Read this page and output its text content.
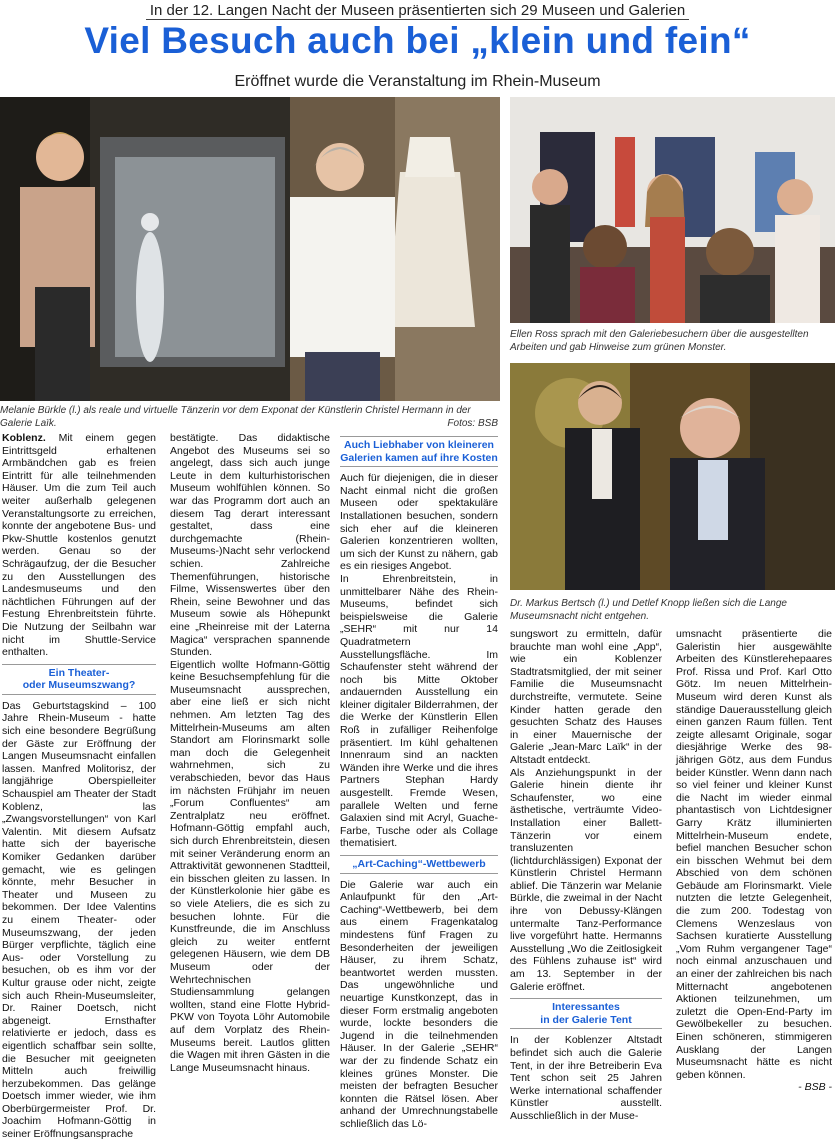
In der 12. Langen Nacht der Museen präsentierten sich 29 Museen und Galerien
Viel Besuch auch bei „klein und fein“
Eröffnet wurde die Veranstaltung im Rhein-Museum
Melanie Bürkle (l.) als reale und virtuelle Tänzerin vor dem Exponat der Künstlerin Christel Hermann in der Galerie Laïk.	Fotos: BSB
Ellen Ross sprach mit den Galeriebesuchern über die ausgestellten Arbeiten und gab Hinweise zum grünen Monster.
Dr. Markus Bertsch (l.) und Detlef Knopp ließen sich die Lange Museumsnacht nicht entgehen.

Koblenz. Mit einem gegen Eintrittsgeld erhaltenen Armbändchen gab es freien Eintritt für alle teilnehmenden Häuser. Um die zum Teil auch weiter außerhalb gelegenen Veranstaltungsorte zu erreichen, konnte der angebotene Bus- und Pkw-Shuttle kostenlos genutzt werden. Genau so der Schrägaufzug, der die Besucher zu den Ausstellungen des Landesmuseums und den nächtlichen Führungen auf der Festung Ehrenbreitstein führte. Die Nutzung der Seilbahn war nicht im Shuttle-Service enthalten.

Ein Theater-
oder Museumszwang?

Das Geburtstagskind – 100 Jahre Rhein-Museum - hatte sich eine besondere Begrüßung der Gäste zur Eröffnung der Langen Museumsnacht einfallen lassen. Manfred Molitorisz, der langjährige Oberspielleiter Schauspiel am Theater der Stadt Koblenz, las „Zwangsvorstellungen“ von Karl Valentin. Mit diesem Aufsatz hatte sich der bayerische Komiker Gedanken darüber gemacht, wie es gelingen könnte, mehr Besucher in Theater und Museen zu bekommen. Der Idee Valentins zu einem Theater- oder Museumszwang, der jeden Bürger verpflichte, täglich eine Aus- oder Vorstellung zu besuchen, ob es ihm vor der Kultur grause oder nicht, zeigte sich auch Rhein-Museumsleiter, Dr. Rainer Doetsch, nicht abgeneigt. Ernsthafter relativierte er jedoch, dass es eigentlich schaffbar sein sollte, die Besucher mit geeigneten Mitteln auch freiwillig herzubekommen. Das gelänge Doetsch immer wieder, wie ihm Oberbürgermeister Prof. Dr. Joachim Hofmann-Göttig in seiner Eröffnungsansprache

bestätigte. Das didaktische Angebot des Museums sei so angelegt, dass sich auch junge Leute in dem kulturhistorischen Museum wohlfühlen können. So war das Programm dort auch an diesem Tag derart interessant gestaltet, dass eine durchgemachte (Rhein-Museums-)Nacht sehr verlockend schien. Zahlreiche Themenführungen, historische Filme, Wissenswertes über den Rhein, seine Bewohner und das Museum sowie als Höhepunkt eine „Rheinreise mit der Laterna Magica“ versprachen spannende Stunden.

Eigentlich wollte Hofmann-Göttig keine Besuchsempfehlung für die Museumsnacht aussprechen, aber eine ließ er sich nicht nehmen. Am letzten Tag des Mittelrhein-Museums am alten Standort am Florinsmarkt solle man doch die Gelegenheit wahrnehmen, sich zu verabschieden, bevor das Haus im nächsten Frühjahr im neuen „Forum Confluentes“ am Zentralplatz neu eröffnet. Hofmann-Göttig empfahl auch, sich durch Ehrenbreitstein, diesen mit seiner Veränderung enorm an Attraktivität gewonnenen Stadtteil, ein bisschen gleiten zu lassen. In der Künstlerkolonie hier gäbe es so viele Ateliers, die es sich zu besuchen lohnte. Für die Kunstfreunde, die im Anschluss gleich zu weiter entfernt gelegenen Häusern, wie dem DB Museum oder der Wehrtechnischen Studiensammlung gelangen wollten, stand eine Flotte Hybrid-PKW von Toyota Löhr Automobile auf dem Vorplatz des Rhein-Museums bereit. Lautlos glitten die Wagen mit ihren Gästen in die Lange Museumsnacht hinaus.

Auch Liebhaber von kleineren
Galerien kamen auf ihre Kosten

Auch für diejenigen, die in dieser Nacht einmal nicht die großen Museen oder spektakuläre Installationen besuchen, sondern sich eher auf die kleineren Galerien konzentrieren wollten, um sich der Kunst zu nähern, gab es ein riesiges Angebot.

In Ehrenbreitstein, in unmittelbarer Nähe des Rhein-Museums, befindet sich beispielsweise die Galerie „SEHR“ mit nur 14 Quadratmetern Ausstellungsfläche. Im Schaufenster steht während der noch bis Mitte Oktober andauernden Ausstellung ein kleiner digitaler Bilderrahmen, der die Werke der Künstlerin Ellen Roß in zufälliger Reihenfolge präsentiert. Im kühl gehaltenen Innenraum sind an nackten Wänden ihre Werke und die ihres Partners Stephan Hardy ausgestellt. Fremde Wesen, parallele Welten und ferne Galaxien sind mit Acryl, Guache-Farbe, Tusche oder als Collage thematisiert.

„Art-Caching“-Wettbewerb

Die Galerie war auch ein Anlaufpunkt für den „Art-Caching“-Wettbewerb, bei dem aus einem Fragenkatalog mindestens fünf Fragen zu Besonderheiten der jeweiligen Häuser, zu ihrem Schatz, beantwortet werden mussten. Das ungewöhnliche und neuartige Kunstkonzept, das in dieser Form erstmalig angeboten wurde, lockte besonders die Jugend in die teilnehmenden Häuser. In der Galerie „SEHR“ war der zu findende Schatz ein kleines grünes Monster. Die meisten der befragten Besucher konnten die Rätsel lösen. Aber anhand der Umrechnungstabelle schließlich das Lö-

sungswort zu ermitteln, dafür brauchte man wohl eine „App“, wie ein Koblenzer Stadtratsmitglied, der mit seiner Familie die Museumsnacht durchstreifte, vermutete. Seine Kinder hatten gerade den gesuchten Schatz des Hauses in einer Mauernische der Galerie „Jean-Marc Laïk“ in der Altstadt entdeckt.

Als Anziehungspunkt in der Galerie hinein diente ihr Schaufenster, wo eine ästhetische, verträumte Video-Installation einer Ballett-Tänzerin vor einem transluzenten (lichtdurchlässigen) Exponat der Künstlerin Christel Hermann ablief. Die Tänzerin war Melanie Bürkle, die zweimal in der Nacht ihre von Debussy-Klängen untermalte Tanz-Performance live vorgeführt hatte. Hermanns Ausstellung „Wo die Zeitlosigkeit des Fühlens zuhause ist“ wird am 13. September in der Galerie eröffnet.

Interessantes
in der Galerie Tent

In der Koblenzer Altstadt befindet sich auch die Galerie Tent, in der ihre Betreiberin Eva Tent schon seit 25 Jahren Werke international schaffender Künstler ausstellt. Ausschließlich in der Muse-

umsnacht präsentierte die Galeristin hier ausgewählte Arbeiten des Künstlerehepaares Prof. Rissa und Prof. Karl Otto Götz. Im neuen Mittelrhein-Museum wird deren Kunst als ständige Dauerausstellung gleich einen ganzen Raum füllen. Tent zeigte allesamt Originale, sogar diesjährige Werke des 98-jährigen Götz, aus dem Fundus beider Künstler. Wenn dann nach so viel feiner und kleiner Kunst die Nacht im wieder einmal phantastisch von Lichtdesigner Garry Krätz illuminierten Mittelrhein-Museum endete, befiel manchen Besucher schon ein bisschen Wehmut bei dem Abschied von dem schönen Gebäude am Florinsmarkt. Viele nutzten die letzte Gelegenheit, die zum 200. Todestag von Clemens Wenzeslaus von Sachsen kuratierte Ausstellung „Vom Ruhm vergangener Tage“ noch einmal anzuschauen und an einer der zahlreichen bis nach Mitternacht angebotenen Aktionen teilzunehmen, um zuletzt die Open-End-Party im Gewölbekeller zu besuchen. Einen schöneren, stimmigeren Ausklang der Langen Museumsnacht hätte es nicht geben können.

- BSB -
